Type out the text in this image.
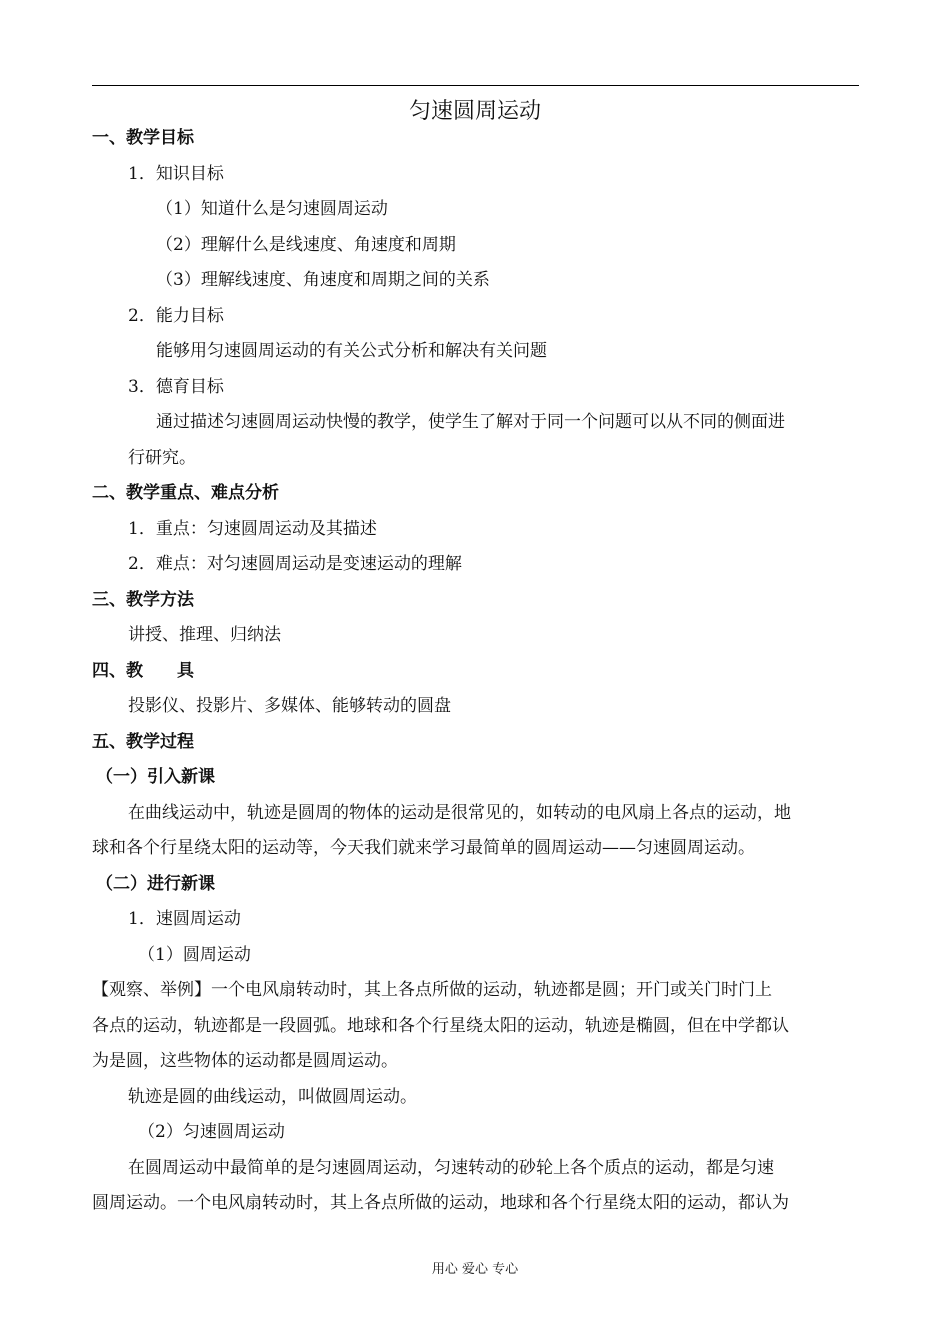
匀速圆周运动
一、教学目标
1．知识目标
（1）知道什么是匀速圆周运动
（2）理解什么是线速度、角速度和周期
（3）理解线速度、角速度和周期之间的关系
2．能力目标
能够用匀速圆周运动的有关公式分析和解决有关问题
3．德育目标
通过描述匀速圆周运动快慢的教学，使学生了解对于同一个问题可以从不同的侧面进
行研究。
二、教学重点、难点分析
1．重点：匀速圆周运动及其描述
2．难点：对匀速圆周运动是变速运动的理解
三、教学方法
讲授、推理、归纳法
四、教　　具
投影仪、投影片、多媒体、能够转动的圆盘
五、教学过程
（一）引入新课
在曲线运动中，轨迹是圆周的物体的运动是很常见的，如转动的电风扇上各点的运动，地
球和各个行星绕太阳的运动等，今天我们就来学习最简单的圆周运动——匀速圆周运动。
（二）进行新课
1．速圆周运动
（1）圆周运动
【观察、举例】一个电风扇转动时，其上各点所做的运动，轨迹都是圆；开门或关门时门上
各点的运动，轨迹都是一段圆弧。地球和各个行星绕太阳的运动，轨迹是椭圆，但在中学都认
为是圆，这些物体的运动都是圆周运动。
轨迹是圆的曲线运动，叫做圆周运动。
（2）匀速圆周运动
在圆周运动中最简单的是匀速圆周运动，匀速转动的砂轮上各个质点的运动，都是匀速
圆周运动。一个电风扇转动时，其上各点所做的运动，地球和各个行星绕太阳的运动，都认为
用心 爱心 专心
